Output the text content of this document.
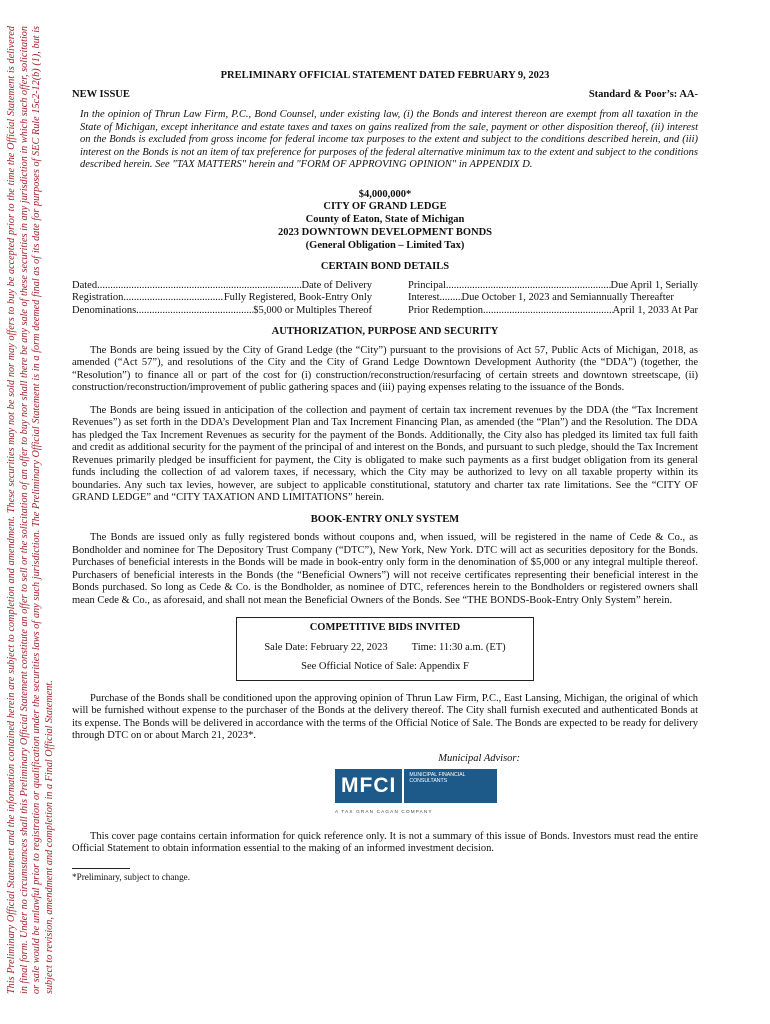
This Preliminary Official Statement and the information contained herein are subject to completion and amendment. These securities may not be sold nor may offers to buy be accepted prior to the time the Official Statement is delivered in final form. Under no circumstances shall this Preliminary Official Statement constitute an offer to sell or the solicitation of an offer to buy nor shall there be any sale of these securities in any jurisdiction in which such offer, solicitation or sale would be unlawful prior to registration or qualification under the securities laws of any such jurisdiction. The Preliminary Official Statement is in a form deemed final as of its date for purposes of SEC Rule 15c2-12(b) (1), but is subject to revision, amendment and completion in a Final Official Statement.
PRELIMINARY OFFICIAL STATEMENT DATED FEBRUARY 9, 2023
NEW ISSUE	Standard & Poor’s: AA-
In the opinion of Thrun Law Firm, P.C., Bond Counsel, under existing law, (i) the Bonds and interest thereon are exempt from all taxation in the State of Michigan, except inheritance and estate taxes and taxes on gains realized from the sale, payment or other disposition thereof, (ii) interest on the Bonds is excluded from gross income for federal income tax purposes to the extent and subject to the conditions described herein, and (iii) interest on the Bonds is not an item of tax preference for purposes of the federal alternative minimum tax to the extent and subject to the conditions described herein. See "TAX MATTERS" herein and "FORM OF APPROVING OPINION" in APPENDIX D.
$4,000,000*
CITY OF GRAND LEDGE
County of Eaton, State of Michigan
2023 DOWNTOWN DEVELOPMENT BONDS
(General Obligation – Limited Tax)
CERTAIN BOND DETAILS
Dated .....	Date of Delivery
Registration .....	Fully Registered, Book-Entry Only
Denominations .....	$5,000 or Multiples Thereof
Principal .....	Due April 1, Serially
Interest ..... Due October 1, 2023 and Semiannually Thereafter
Prior Redemption .....	April 1, 2033 At Par
AUTHORIZATION, PURPOSE AND SECURITY

The Bonds are being issued by the City of Grand Ledge (the “City”) pursuant to the provisions of Act 57, Public Acts of Michigan, 2018, as amended (“Act 57”), and resolutions of the City and the City of Grand Ledge Downtown Development Authority (the “DDA”) (together, the “Resolution”) to finance all or part of the cost for (i) construction/reconstruction/resurfacing of certain streets and downtown streetscape, (ii) construction/reconstruction/improvement of public gathering spaces and (iii) paying expenses relating to the issuance of the Bonds.

The Bonds are being issued in anticipation of the collection and payment of certain tax increment revenues by the DDA (the “Tax Increment Revenues”) as set forth in the DDA’s Development Plan and Tax Increment Financing Plan, as amended (the “Plan”) and the Resolution. The DDA has pledged the Tax Increment Revenues as security for the payment of the Bonds. Additionally, the City also has pledged its limited tax full faith and credit as additional security for the payment of the principal of and interest on the Bonds, and pursuant to such pledge, should the Tax Increment Revenues primarily pledged be insufficient for payment, the City is obligated to make such payments as a first budget obligation from its general funds including the collection of ad valorem taxes, if necessary, which the City may be authorized to levy on all taxable property within its boundaries. Any such tax levies, however, are subject to applicable constitutional, statutory and charter tax rate limitations. See the “CITY OF GRAND LEDGE” and “CITY TAXATION AND LIMITATIONS” herein.

BOOK-ENTRY ONLY SYSTEM

The Bonds are issued only as fully registered bonds without coupons and, when issued, will be registered in the name of Cede & Co., as Bondholder and nominee for The Depository Trust Company (“DTC”), New York, New York. DTC will act as securities depository for the Bonds. Purchases of beneficial interests in the Bonds will be made in book-entry only form in the denomination of $5,000 or any integral multiple thereof. Purchasers of beneficial interests in the Bonds (the “Beneficial Owners”) will not receive certificates representing their beneficial interest in the Bonds purchased. So long as Cede & Co. is the Bondholder, as nominee of DTC, references herein to the Bondholders or registered owners shall mean Cede & Co., as aforesaid, and shall not mean the Beneficial Owners of the Bonds. See “THE BONDS-Book-Entry Only System” herein.

COMPETITIVE BIDS INVITED
Sale Date: February 22, 2023 Time: 11:30 a.m. (ET)
See Official Notice of Sale: Appendix F

Purchase of the Bonds shall be conditioned upon the approving opinion of Thrun Law Firm, P.C., East Lansing, Michigan, the original of which will be furnished without expense to the purchaser of the Bonds at the delivery thereof. The City shall furnish executed and authenticated Bonds at its expense. The Bonds will be delivered in accordance with the terms of the Official Notice of Sale. The Bonds are expected to be ready for delivery through DTC on or about March 21, 2023*.

Municipal Advisor:
MFCI	MUNICIPAL FINANCIAL CONSULTANTS
A TAX GRAN CAGAN COMPANY

This cover page contains certain information for quick reference only. It is not a summary of this issue of Bonds. Investors must read the entire Official Statement to obtain information essential to the making of an informed investment decision.

*Preliminary, subject to change.
